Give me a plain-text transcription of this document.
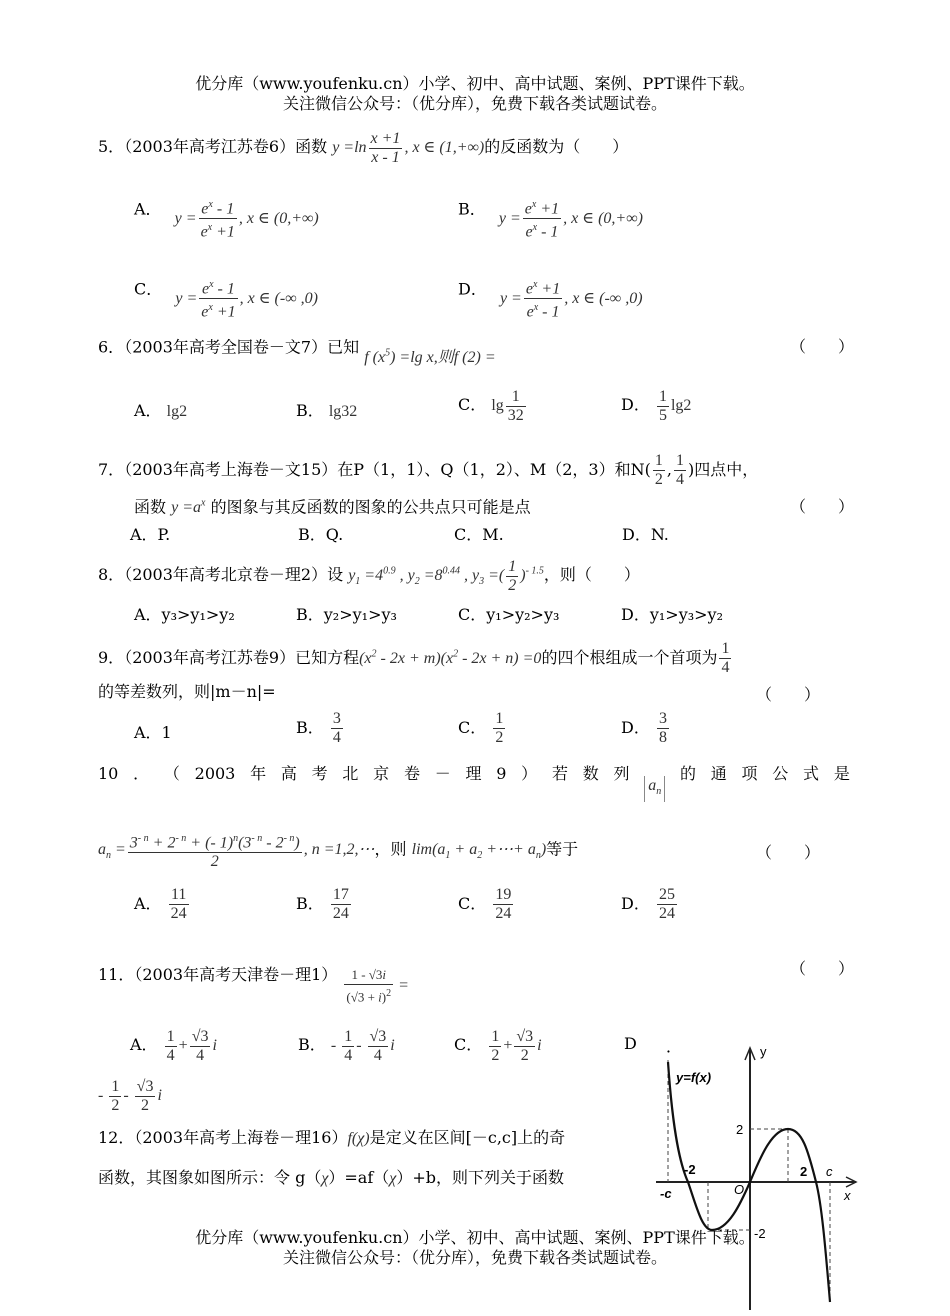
优分库（www.youfenku.cn）小学、初中、高中试题、案例、PPT课件下载。
关注微信公众号：（优分库），免费下载各类试题试卷。
5．（2003年高考江苏卷6）函数 $y =\ln \frac{x +1}{x - 1}$ , x ∈ (1,+∞)的反函数为（　　）
A． $y = \frac{e^x - 1}{e^x +1}$ , x ∈ (0,+∞)	B． $y = \frac{e^x +1}{e^x - 1}$ , x ∈ (0,+∞)
C． $y = \frac{e^x - 1}{e^x +1}$ , x ∈ (-∞ ,0)	D． $y = \frac{e^x +1}{e^x - 1}$ , x ∈ (-∞ ,0)
6．（2003年高考全国卷－文7）已知 f $(x^5) =\lg$ x,则f (2) =
（　　）
A． lg2	B． lg32	C． $\lg \frac{1}{32}$	D． $\frac{1}{5} \lg 2$
7．（2003年高考上海卷－文15）在P（1，1）、Q（1，2）、M（2，3）和$N( \frac{1}{2}$ , $\frac{1}{4}$ )四点中，
函数 $y =a^x$ 的图象与其反函数的图象的公共点只可能是点	（　　）
A．P.	B．Q.	C．M.	D．N.
8．（2003年高考北京卷－理2）设 $y_1 =4^{0.9}$ , $y_2 =8^{0.44}$ , $y_3$ =( $\frac{1}{2} )^{- 1.5}$，则（　　）
A．y₃>y₁>y₂	B．y₂>y₁>y₃	C．y₁>y₂>y₃	D．y₁>y₃>y₂
9．（2003年高考江苏卷9）已知方程$(x^2 - 2x + m)(x^2 - 2x + n) =0$的四个根组成一个首项为 $\frac{1}{4}$
的等差数列，则|m－n|=	（　　）
A．1	B． $\frac{3}{4}$	C． $\frac{1}{2}$	D． $\frac{3}{8}$
10 ． （ 2003 年 高 考 北 京 卷 － 理 9 ） 若 数 列
$a_n$
的 通 项 公 式 是
$a_n = \frac{3^{- n} + 2^{- n} + (- 1)^n(3^{- n} - 2^{- n})}{2}$ , n =1,2,⋯，则 $\lim(a_1 + a_2$ +⋯+ $a_n$)等于	（　　）
A． $\frac{11}{24}$	B． $\frac{17}{24}$	C． $\frac{19}{24}$	D． $\frac{25}{24}$
11．（2003年高考天津卷－理$1) \frac{1 - √3i}{(√3 + i)^2}$ =
（　　）
A． $\frac{1}{4} + \frac{√3}{4}$ i	B． - $\frac{1}{4} - \frac{√3}{4}$ i	C． $\frac{1}{2} + \frac{√3}{2}$ i	D ．
- $\frac{1}{2} - \frac{√3}{2}$ i
12．（2003年高考上海卷－理16）f(χ)是定义在区间[－c,c]上的奇
函数，其图象如图所示：令 g（χ）=af（χ）+b，则下列关于函数
y
x
y=f(x)
2
-2
-2	2 c
-c	O
优分库（www.youfenku.cn）小学、初中、高中试题、案例、PPT课件下载。
关注微信公众号：（优分库），免费下载各类试题试卷。
